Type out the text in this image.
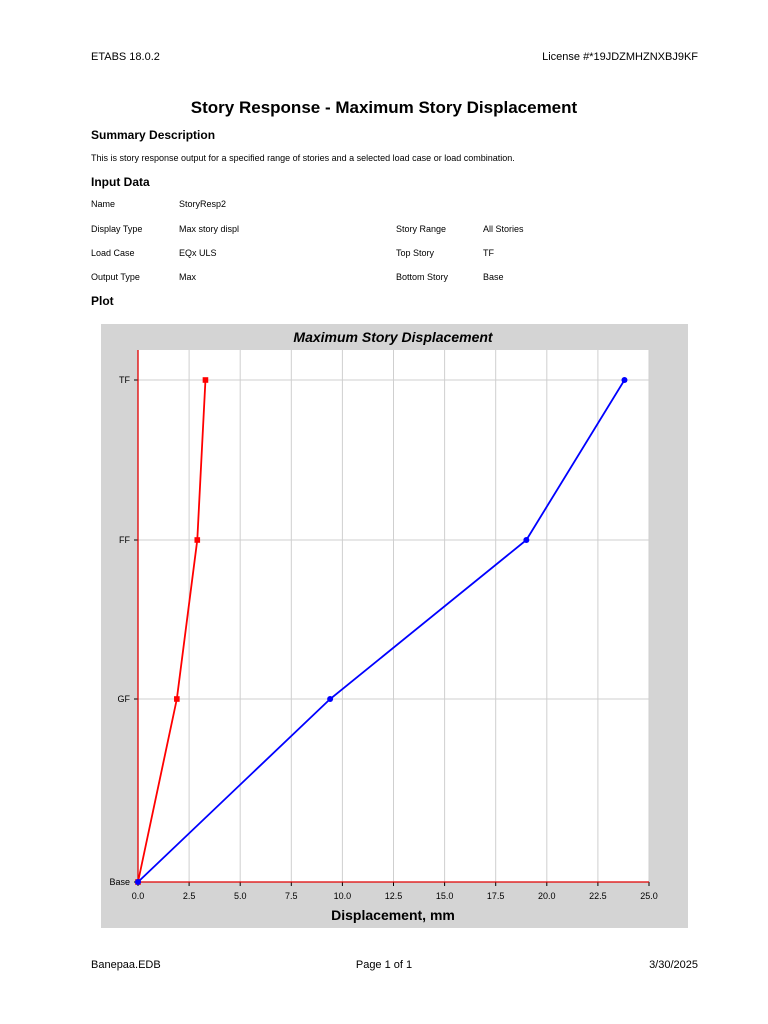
ETABS 18.0.2	License #*19JDZMHZNXBJ9KF
Story Response - Maximum Story Displacement
Summary Description
This is story response output for a specified range of stories and a selected load case or load combination.
Input Data
Name	StoryResp2
Display Type	Max story displ	Story Range	All Stories
Load Case	EQx ULS	Top Story	TF
Output Type	Max	Bottom Story	Base
Plot
0.0	2.5	5.0	7.5	10.0	12.5	15.0	17.5	20.0	22.5	25.0
Base
GF
FF
TF
Maximum Story Displacement
Displacement, mm
Banepaa.EDB	Page 1 of 1	3/30/2025
